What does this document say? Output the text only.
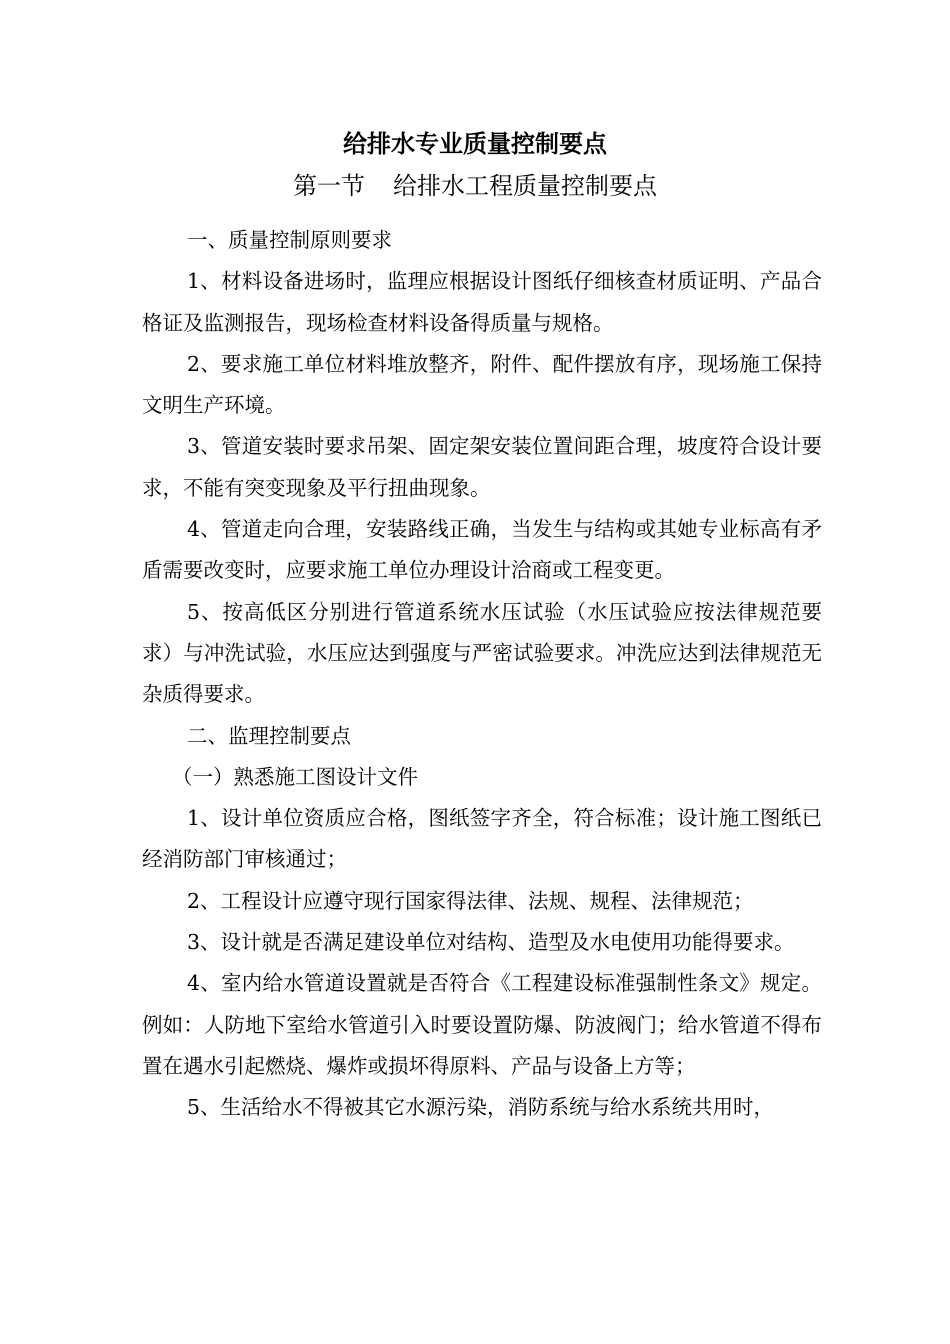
给排水专业质量控制要点
第一节 给排水工程质量控制要点

一、质量控制原则要求

1、材料设备进场时，监理应根据设计图纸仔细核查材质证明、产品合格证及监测报告，现场检查材料设备得质量与规格。

2、要求施工单位材料堆放整齐，附件、配件摆放有序，现场施工保持文明生产环境。

3、管道安装时要求吊架、固定架安装位置间距合理，坡度符合设计要求，不能有突变现象及平行扭曲现象。

4、管道走向合理，安装路线正确，当发生与结构或其她专业标高有矛盾需要改变时，应要求施工单位办理设计洽商或工程变更。

5、按高低区分别进行管道系统水压试验（水压试验应按法律规范要求）与冲洗试验，水压应达到强度与严密试验要求。冲洗应达到法律规范无杂质得要求。

二、监理控制要点

（一）熟悉施工图设计文件

1、设计单位资质应合格，图纸签字齐全，符合标准；设计施工图纸已经消防部门审核通过；

2、工程设计应遵守现行国家得法律、法规、规程、法律规范；

3、设计就是否满足建设单位对结构、造型及水电使用功能得要求。

4、室内给水管道设置就是否符合《工程建设标准强制性条文》规定。例如：人防地下室给水管道引入时要设置防爆、防波阀门；给水管道不得布置在遇水引起燃烧、爆炸或损坏得原料、产品与设备上方等；

5、生活给水不得被其它水源污染，消防系统与给水系统共用时，
